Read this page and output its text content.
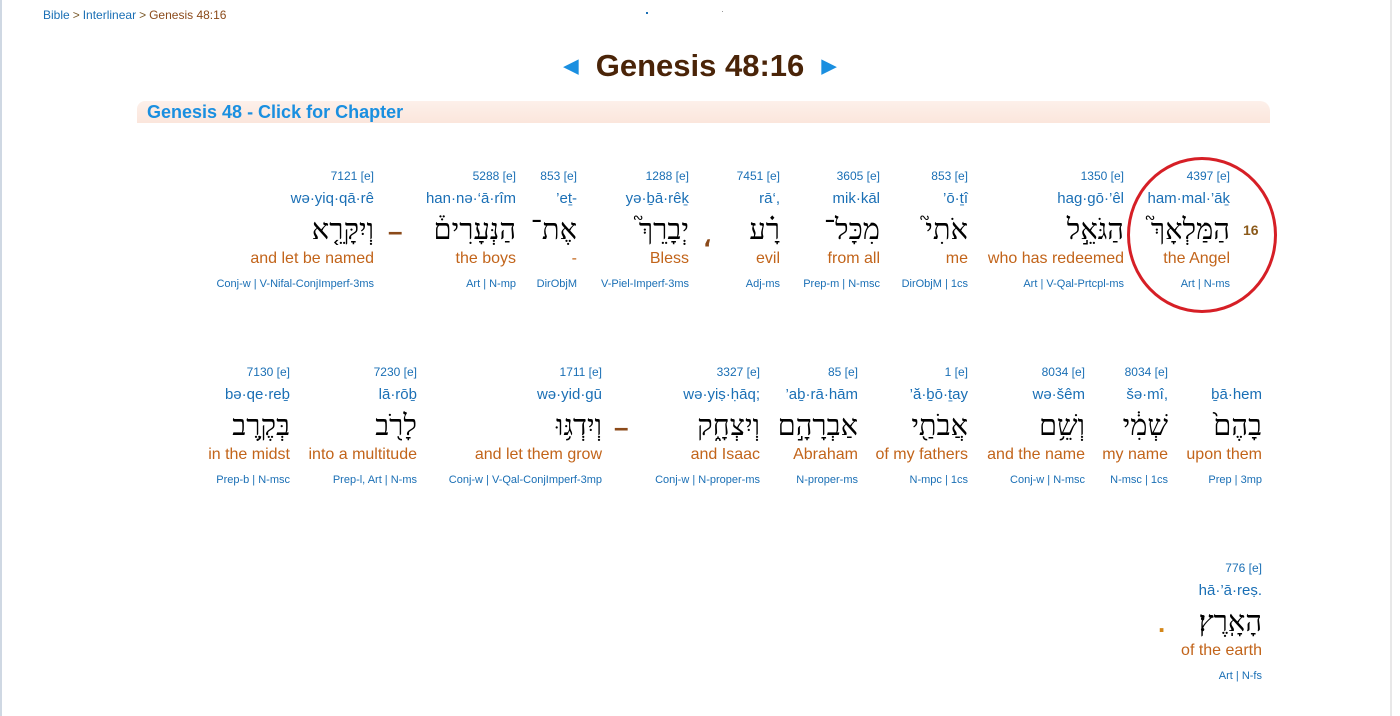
Bible > Interlinear > Genesis 48:16
◄ Genesis 48:16 ►
Genesis 48 - Click for Chapter
4397 [e]
ham·mal·’āḵ
הַמַּלְאָךְ֮
the Angel
Art | N-ms
1350 [e]
hag·gō·’êl
הַגֹּאֵ֣ל
who has redeemed
Art | V-Qal-Prtcpl-ms
853 [e]
’ō·ṯî
אֹתִי֮
me
DirObjM | 1cs
3605 [e]
mik·kāl
מִכָּל־
from all
Prep-m | N-msc
7451 [e]
rā‘,
רָ֗ע
evil
Adj-ms
،
1288 [e]
yə·ḇā·rêḵ
יְבָרֵךְ֮
Bless
V-Piel-Imperf-3ms
853 [e]
’eṯ-
אֶת־
-
DirObjM
5288 [e]
han·nə·‘ā·rîm
הַנְּעָרִים֒
the boys
Art | N-mp
–
7121 [e]
wə·yiq·qā·rê
וְיִקָּרֵ֤א
and let be named
Conj-w | V-Nifal-ConjImperf-3ms
16
ḇā·hem
בָהֶם֙
upon them
Prep | 3mp
8034 [e]
šə·mî,
שְׁמִ֔י
my name
N-msc | 1cs
8034 [e]
wə·šêm
וְשֵׁ֥ם
and the name
Conj-w | N-msc
1 [e]
’ă·ḇō·ṯay
אֲבֹתַ֖י
of my fathers
N-mpc | 1cs
85 [e]
’aḇ·rā·hām
אַבְרָהָ֣ם
Abraham
N-proper-ms
3327 [e]
wə·yiṣ·ḥāq;
וְיִצְחָ֑ק
and Isaac
Conj-w | N-proper-ms
–
1711 [e]
wə·yid·gū
וְיִדְגּ֥וּ
and let them grow
Conj-w | V-Qal-ConjImperf-3mp
7230 [e]
lā·rōḇ
לָרֹ֖ב
into a multitude
Prep-l, Art | N-ms
7130 [e]
bə·qe·reḇ
בְּקֶ֥רֶב
in the midst
Prep-b | N-msc
776 [e]
hā·’ā·reṣ.
הָאָֽרֶץ׃
of the earth
Art | N-fs
.
